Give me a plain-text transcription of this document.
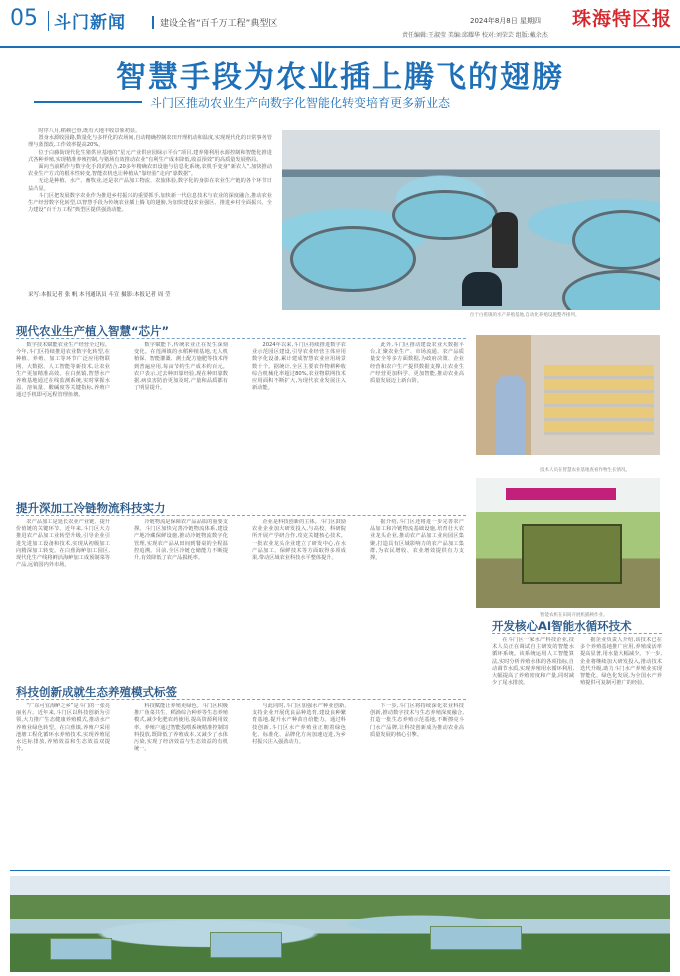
05 斗门新闻	建设全省“百千万工程”典型区	2024年8月8日 星期四
责任编辑:王淑莹 美编:邱耀华 校对:刘荣芸 组版:戴余杰
珠海特区报
智慧手段为农业插上腾飞的翅膀
斗门区推动农业生产向数字化智能化转变培育更多新业态

时序八月,稻秧已垂,既有大地丰收景象初显。

置身水源收园路,数量化与多样化的农场间,自动精确控制农田开理机动和温度,实现现代化的日常事务管理与蓝图改,工作效率提高20%。

位于白藤街现代化生猪供应基地的“星元产业供应园绿示平台”项目,建养猪利用水源控制和智能化推进式各种养殖,实现精准养殖控制,与猪场有效推动农业“有利生产成本降低,收益预效”的高质量发展格局。

面向当前稻作与数字化手段的结合,20多年精确农田设施与信息化系统,农机手变身“新农人”,加快推动农业生产方式的根本性转变,智能农机也让种植从“靠经验”走向“靠数据”。

无论是种植、水产、畜牧业,还是农产品加工物流、农旅体验,数字化的身影在农业生产链的各个环节日益凸显。

斗门区把发展数字农业作为推进乡村振兴的重要抓手,加快新一代信息技术与农业的深度融合,推动农业生产经营数字化转型,以智慧手段为传统农业插上腾飞的翅膀,为加快建设农业强区、推进乡村全面振兴、全力建设“百千万工程”典型区提供强劲动能。

采写:本报记者 张 帆 本刊通讯员 斗宣 摄影:本报记者 周 莹
位于白蕉镇的水产养殖基地,自动化养殖设施整齐排列。
现代农业生产植入智慧“芯片”

数字技术赋能农业生产经营全过程。今年,斗门区持续推进农业数字化转型,在种植、养殖、加工等环节广泛应用物联网、大数据、人工智能等新技术,让农业生产更加精准高效。在白蕉镇,智慧水产养殖基地通过在线监测系统,实时掌握水温、溶氧量、酸碱度等关键指标,养殖户通过手机即可远程管理鱼塘。

数字赋能下,传统农业正在发生深刻变化。在莲洲镇的水稻种植基地,无人机植保、智能灌溉、测土配方施肥等技术得到普遍应用,每亩节约生产成本约百元。农户表示,过去种田靠经验,现在种田靠数据,病虫害防治更加及时,产量和品质都有了明显提升。

2024年以来,斗门区持续推进数字农业示范园区建设,引导农业经营主体应用数字化设备,累计建成智慧农业应用场景数十个。据统计,全区主要农作物耕种收综合机械化率超过80%,农业物联网技术应用面积不断扩大,为现代农业发展注入新动能。

此外,斗门区推动建设农业大数据平台,汇聚农业生产、市场流通、农产品质量安全等多方面数据,为政府决策、企业经营和农户生产提供数据支撑,让农业生产经营更加科学、更加智能,推动农业高质量发展迈上新台阶。

技术人员在智慧农业基地查看作物生长情况。
智能农机在田间开展机插秧作业。
提升深加工冷链物流科技实力

农产品加工是延长农业产业链、提升价值链的关键环节。近年来,斗门区大力推进农产品加工业转型升级,引导企业引进先进加工设备和技术,实现从初级加工向精深加工转变。在白蕉海鲈加工园区,现代化生产线将鲜活海鲈加工成预制菜等产品,远销国内外市场。

冷链物流是保障农产品品质的重要支撑。斗门区加快完善冷链物流体系,建设产地冷藏保鲜设施,推动冷链物流数字化管理,实现农产品从田间到餐桌的全程温控追溯。目前,全区冷链仓储能力不断提升,有效降低了农产品损耗率。

企业是科技创新的主体。斗门区鼓励农业企业加大研发投入,与高校、科研院所开展产学研合作,攻克关键核心技术。一批农业龙头企业建立了研发中心,在水产品加工、保鲜技术等方面取得多项成果,带动区域农业科技水平整体提升。

据介绍,斗门区还将进一步完善农产品加工和冷链物流基础设施,培育壮大农业龙头企业,推动农产品加工业向园区集聚,打造具有区域影响力的农产品加工集群,为农民增收、农业增效提供有力支撑。

科技创新成就生态养殖模式标签

“广东可宜海鲈之乡”是斗门的一张亮丽名片。近年来,斗门区以科技创新为引领,大力推广生态健康养殖模式,推动水产养殖业绿色转型。在白蕉镇,养殖户采用池塘工程化循环水养殖技术,实现养殖尾水达标排放,养殖效益和生态效益双提升。

科技赋能让养殖更绿色。斗门区积极推广鱼菜共生、稻渔综合种养等生态养殖模式,减少化肥农药使用,提高资源利用效率。养殖户通过智能投喂系统精准控制饲料投放,既降低了养殖成本,又减少了水体污染,实现了经济效益与生态效益的有机统一。

与此同时,斗门区加强水产种业创新,支持企业开展优良品种选育,建设良种繁育基地,提升水产种苗自给能力。通过科技创新,斗门区水产养殖业正朝着绿色化、标准化、品牌化方向加速迈进,为乡村振兴注入强劲动力。

下一步,斗门区将持续深化农业科技创新,推动数字技术与生态养殖深度融合,打造一批生态养殖示范基地,不断擦亮斗门水产品牌,让科技创新成为推动农业高质量发展的核心引擎。

开发核心AI智能水循环技术

在斗门区一家水产科技企业,技术人员正在调试自主研发的智能水循环系统。该系统运用人工智能算法,实时分析养殖水体的各项指标,自动调节水质,实现养殖用水循环利用,大幅提高了养殖密度和产量,同时减少了尾水排放。

据企业负责人介绍,该技术已在多个养殖基地推广应用,养殖成活率提高显著,用水量大幅减少。下一步,企业将继续加大研发投入,推动技术迭代升级,助力斗门水产养殖业实现智能化、绿色化发展,为全国水产养殖提供可复制可推广的经验。
